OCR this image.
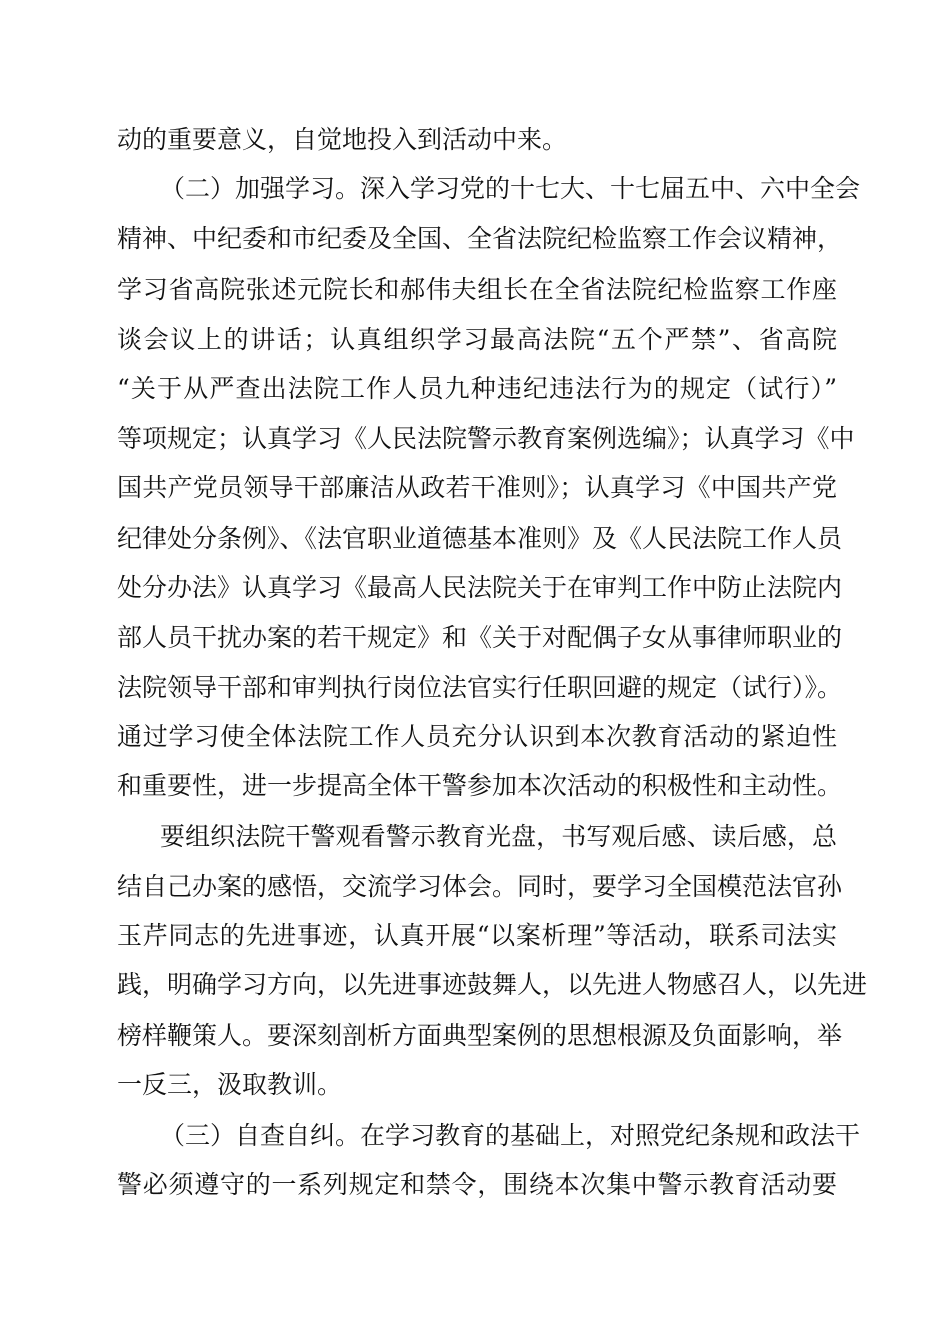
动的重要意义，自觉地投入到活动中来。
（二）加强学习。深入学习党的十七大、十七届五中、六中全会
精神、中纪委和市纪委及全国、全省法院纪检监察工作会议精神，
学习省高院张述元院长和郝伟夫组长在全省法院纪检监察工作座
谈会议上的讲话；认真组织学习最高法院“五个严禁”、省高院
“关于从严查出法院工作人员九种违纪违法行为的规定（试行）”
等项规定；认真学习《人民法院警示教育案例选编》；认真学习《中
国共产党员领导干部廉洁从政若干准则》；认真学习《中国共产党
纪律处分条例》、《法官职业道德基本准则》及《人民法院工作人员
处分办法》认真学习《最高人民法院关于在审判工作中防止法院内
部人员干扰办案的若干规定》和《关于对配偶子女从事律师职业的
法院领导干部和审判执行岗位法官实行任职回避的规定（试行）》。
通过学习使全体法院工作人员充分认识到本次教育活动的紧迫性
和重要性，进一步提高全体干警参加本次活动的积极性和主动性。
要组织法院干警观看警示教育光盘，书写观后感、读后感，总
结自己办案的感悟，交流学习体会。同时，要学习全国模范法官孙
玉芹同志的先进事迹，认真开展“以案析理”等活动，联系司法实
践，明确学习方向，以先进事迹鼓舞人，以先进人物感召人，以先进
榜样鞭策人。要深刻剖析方面典型案例的思想根源及负面影响，举
一反三，汲取教训。
（三）自查自纠。在学习教育的基础上，对照党纪条规和政法干
警必须遵守的一系列规定和禁令，围绕本次集中警示教育活动要
